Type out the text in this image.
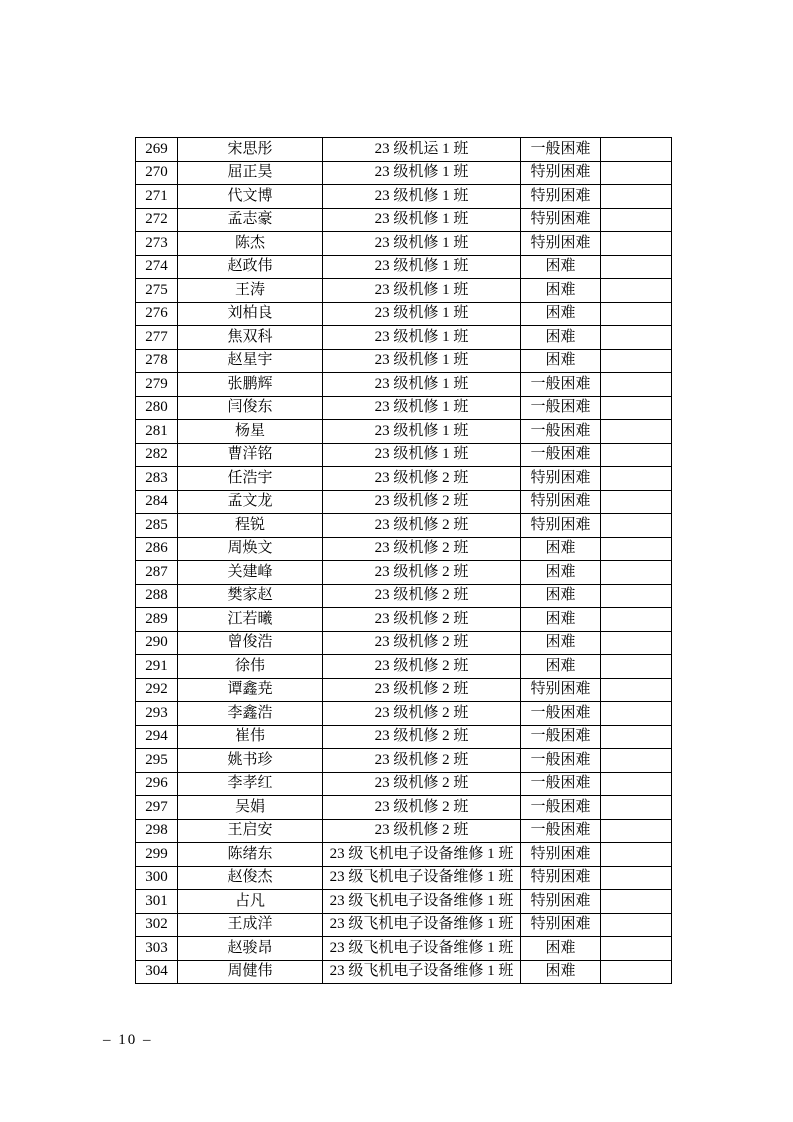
269	宋思彤	23 级机运 1 班	一般困难	
270	屈正昊	23 级机修 1 班	特别困难	
271	代文博	23 级机修 1 班	特别困难	
272	孟志豪	23 级机修 1 班	特别困难	
273	陈杰	23 级机修 1 班	特别困难	
274	赵政伟	23 级机修 1 班	困难	
275	王涛	23 级机修 1 班	困难	
276	刘柏良	23 级机修 1 班	困难	
277	焦双科	23 级机修 1 班	困难	
278	赵星宇	23 级机修 1 班	困难	
279	张鹏辉	23 级机修 1 班	一般困难	
280	闫俊东	23 级机修 1 班	一般困难	
281	杨星	23 级机修 1 班	一般困难	
282	曹洋铭	23 级机修 1 班	一般困难	
283	任浩宇	23 级机修 2 班	特别困难	
284	孟文龙	23 级机修 2 班	特别困难	
285	程锐	23 级机修 2 班	特别困难	
286	周焕文	23 级机修 2 班	困难	
287	关建峰	23 级机修 2 班	困难	
288	樊家赵	23 级机修 2 班	困难	
289	江若曦	23 级机修 2 班	困难	
290	曾俊浩	23 级机修 2 班	困难	
291	徐伟	23 级机修 2 班	困难	
292	谭鑫尭	23 级机修 2 班	特别困难	
293	李鑫浩	23 级机修 2 班	一般困难	
294	崔伟	23 级机修 2 班	一般困难	
295	姚书珍	23 级机修 2 班	一般困难	
296	李孝红	23 级机修 2 班	一般困难	
297	吴娟	23 级机修 2 班	一般困难	
298	王启安	23 级机修 2 班	一般困难	
299	陈绪东	23 级飞机电子设备维修 1 班	特别困难	
300	赵俊杰	23 级飞机电子设备维修 1 班	特别困难	
301	占凡	23 级飞机电子设备维修 1 班	特别困难	
302	王成洋	23 级飞机电子设备维修 1 班	特别困难	
303	赵骏昂	23 级飞机电子设备维修 1 班	困难	
304	周健伟	23 级飞机电子设备维修 1 班	困难	
– 10 –
